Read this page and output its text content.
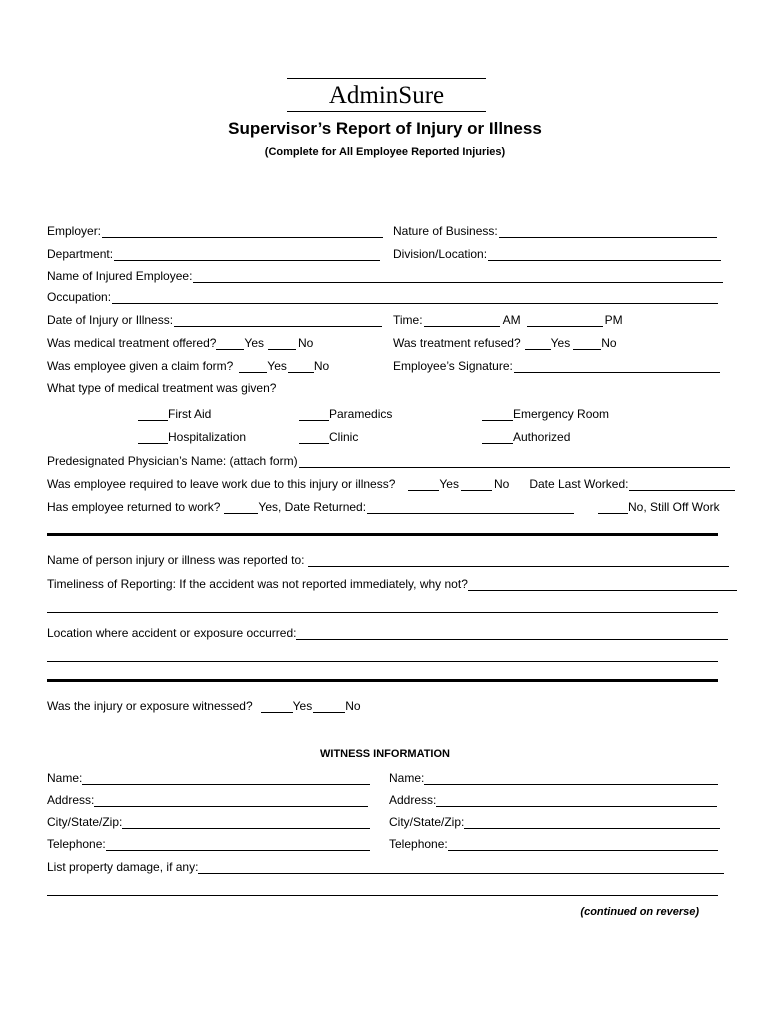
AdminSure
Supervisor’s Report of Injury or Illness
(Complete for All Employee Reported Injuries)
Employer:	Nature of Business:
Department:	Division/Location:
Name of Injured Employee:
Occupation:
Date of Injury or Illness:	Time:	AM	PM
Was medical treatment offered? Yes	No	Was treatment refused?	Yes	No
Was employee given a claim form?	Yes No	Employee’s Signature:
What type of medical treatment was given?
First Aid	Paramedics	Emergency Room
Hospitalization	Clinic	Authorized
Predesignated Physician’s Name: (attach form)
Was employee required to leave work due to this injury or illness?	Yes	No	Date Last Worked:
Has employee returned to work?	Yes, Date Returned:	No, Still Off Work
Name of person injury or illness was reported to:
Timeliness of Reporting: If the accident was not reported immediately, why not?
Location where accident or exposure occurred:
Was the injury or exposure witnessed?	Yes	No
WITNESS INFORMATION
Name:	Name:
Address:	Address:
City/State/Zip:	City/State/Zip:
Telephone:	Telephone:
List property damage, if any:
(continued on reverse)
